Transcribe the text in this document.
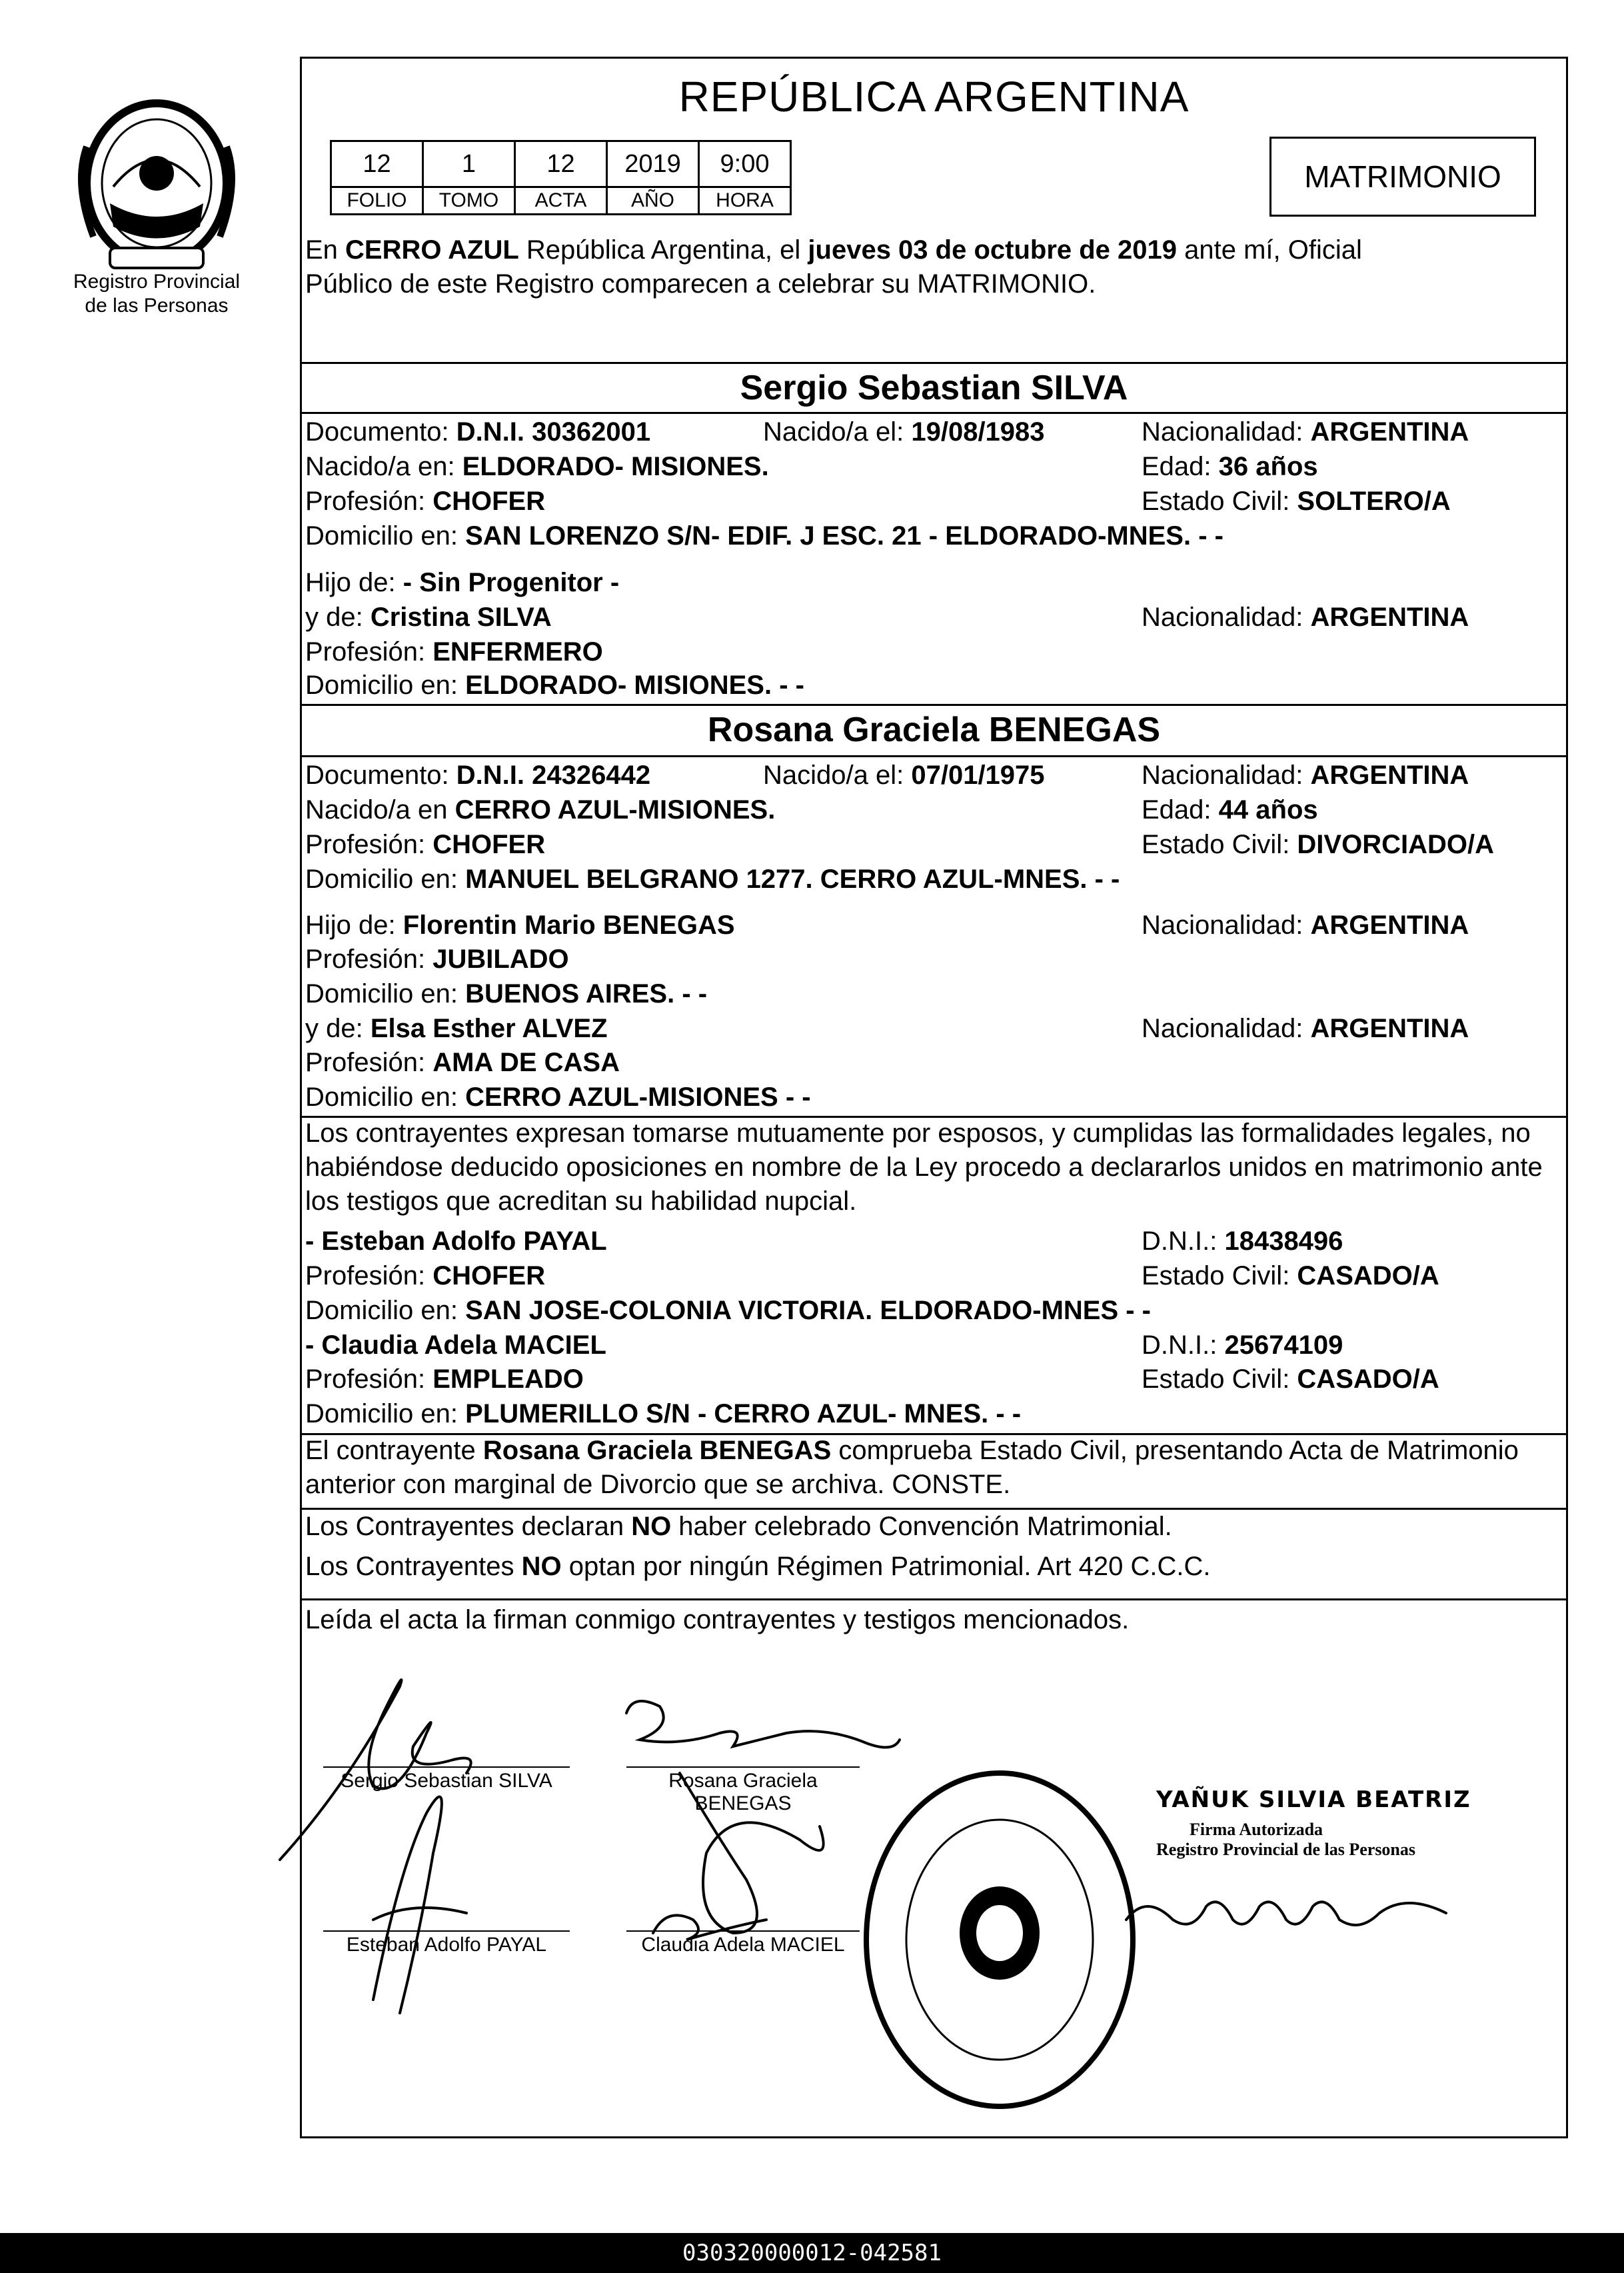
Registro Provincial
de las Personas
REPÚBLICA ARGENTINA
12	1	12	2019	9:00
FOLIO	TOMO	ACTA	AÑO	HORA
MATRIMONIO
En CERRO AZUL República Argentina, el jueves 03 de octubre de 2019 ante mí, Oficial
Público de este Registro comparecen a celebrar su MATRIMONIO.
Sergio Sebastian SILVA
Documento: D.N.I. 30362001	Nacido/a el: 19/08/1983	Nacionalidad: ARGENTINA
Nacido/a en: ELDORADO- MISIONES.	Edad: 36 años
Profesión: CHOFER	Estado Civil: SOLTERO/A
Domicilio en: SAN LORENZO S/N- EDIF. J ESC. 21 - ELDORADO-MNES. - -
Hijo de: - Sin Progenitor -
y de: Cristina SILVA	Nacionalidad: ARGENTINA
Profesión: ENFERMERO
Domicilio en: ELDORADO- MISIONES. - -
Rosana Graciela BENEGAS
Documento: D.N.I. 24326442	Nacido/a el: 07/01/1975	Nacionalidad: ARGENTINA
Nacido/a en CERRO AZUL-MISIONES.	Edad: 44 años
Profesión: CHOFER	Estado Civil: DIVORCIADO/A
Domicilio en: MANUEL BELGRANO 1277. CERRO AZUL-MNES. - -
Hijo de: Florentin Mario BENEGAS	Nacionalidad: ARGENTINA
Profesión: JUBILADO
Domicilio en: BUENOS AIRES. - -
y de: Elsa Esther ALVEZ	Nacionalidad: ARGENTINA
Profesión: AMA DE CASA
Domicilio en: CERRO AZUL-MISIONES - -
Los contrayentes expresan tomarse mutuamente por esposos, y cumplidas las formalidades legales, no
habiéndose deducido oposiciones en nombre de la Ley procedo a declararlos unidos en matrimonio ante
los testigos que acreditan su habilidad nupcial.
- Esteban Adolfo PAYAL	D.N.I.: 18438496
Profesión: CHOFER	Estado Civil: CASADO/A
Domicilio en: SAN JOSE-COLONIA VICTORIA. ELDORADO-MNES - -
- Claudia Adela MACIEL	D.N.I.: 25674109
Profesión: EMPLEADO	Estado Civil: CASADO/A
Domicilio en: PLUMERILLO S/N - CERRO AZUL- MNES. - -
El contrayente Rosana Graciela BENEGAS comprueba Estado Civil, presentando Acta de Matrimonio
anterior con marginal de Divorcio que se archiva. CONSTE.
Los Contrayentes declaran NO haber celebrado Convención Matrimonial.
Los Contrayentes NO optan por ningún Régimen Patrimonial. Art 420 C.C.C.
Leída el acta la firman conmigo contrayentes y testigos mencionados.
Sergio Sebastian SILVA	Rosana Graciela
BENEGAS
Esteban Adolfo PAYAL	Claudia Adela MACIEL
YAÑUK SILVIA BEATRIZ
Firma Autorizada
Registro Provincial de las Personas
030320000012-042581
